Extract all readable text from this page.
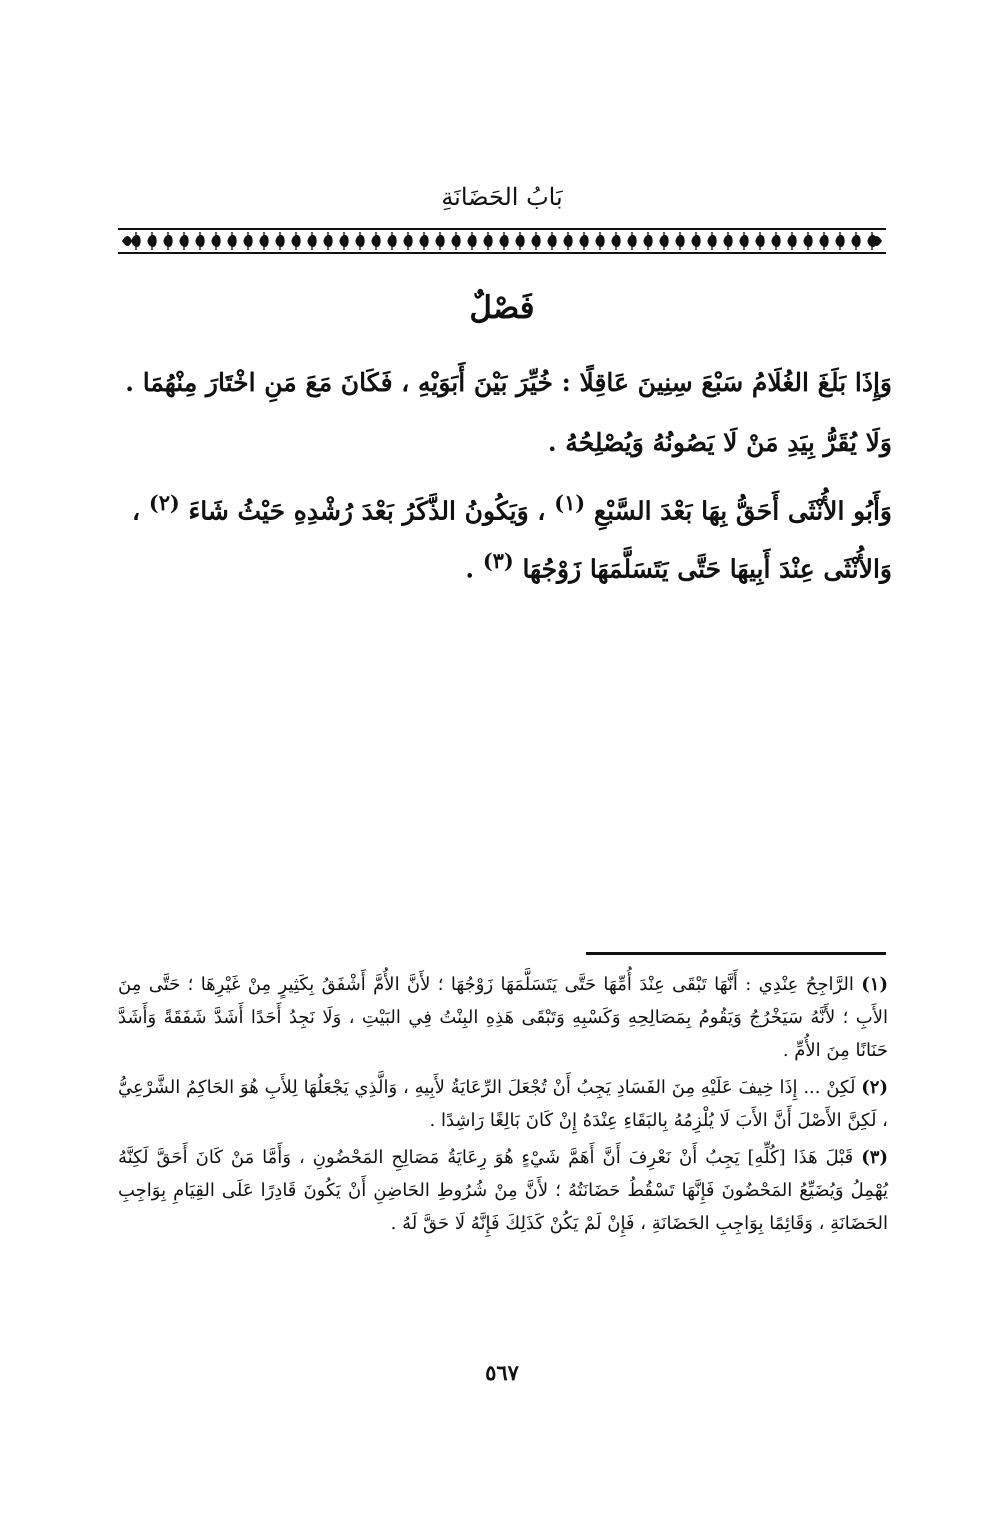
بَابُ الحَضَانَةِ
فَصْلٌ

وَإِذَا بَلَغَ الغُلَامُ سَبْعَ سِنِينَ عَاقِلًا : خُيِّرَ بَيْنَ أَبَوَيْهِ ، فَكَانَ مَعَ مَنِ اخْتَارَ مِنْهُمَا .

وَلَا يُقَرُّ بِيَدِ مَنْ لَا يَصُونُهُ وَيُصْلِحُهُ .

وَأَبُو الأُنْثَى أَحَقُّ بِهَا بَعْدَ السَّبْعِ $^{(١)}$ ، وَيَكُونُ الذَّكَرُ بَعْدَ رُشْدِهِ حَيْثُ شَاءَ $^{(٢)}$ ، وَالأُنْثَى عِنْدَ أَبِيهَا حَتَّى يَتَسَلَّمَهَا زَوْجُهَا $^{(٣)}$ .

(١) الرَّاجِحُ عِنْدِي : أَنَّهَا تَبْقَى عِنْدَ أُمِّهَا حَتَّى يَتَسَلَّمَهَا زَوْجُهَا ؛ لأَنَّ الأُمَّ أَشْفَقُ بِكَثِيرٍ مِنْ غَيْرِهَا ؛ حَتَّى مِنَ الأَبِ ؛ لأَنَّهُ سَيَخْرُجُ وَيَقُومُ بِمَصَالِحِهِ وَكَسْبِهِ وَتَبْقَى هَذِهِ البِنْتُ فِي البَيْتِ ، وَلَا نَجِدُ أَحَدًا أَشَدَّ شَفَقَةً وَأَشَدَّ حَنَانًا مِنَ الأُمِّ .

(٢) لَكِنْ ... إِذَا خِيفَ عَلَيْهِ مِنَ الفَسَادِ يَجِبُ أَنْ تُجْعَلَ الرِّعَايَةُ لأَبِيهِ ، وَالَّذِي يَجْعَلُهَا لِلأَبِ هُوَ الحَاكِمُ الشَّرْعِيُّ ، لَكِنَّ الأَصْلَ أَنَّ الأَبَ لَا يُلْزِمُهُ بِالبَقَاءِ عِنْدَهُ إِنْ كَانَ بَالِغًا رَاشِدًا .

(٣) قَبْلَ هَذَا [كُلِّهِ] يَجِبُ أَنْ نَعْرِفَ أَنَّ أَهَمَّ شَيْءٍ هُوَ رِعَايَةُ مَصَالِحِ المَحْضُونِ ، وَأَمَّا مَنْ كَانَ أَحَقَّ لَكِنَّهُ يُهْمِلُ وَيُضَيِّعُ المَحْضُونَ فَإِنَّهَا تَسْقُطُ حَضَانَتُهُ ؛ لأَنَّ مِنْ شُرُوطِ الحَاضِنِ أَنْ يَكُونَ قَادِرًا عَلَى القِيَامِ بِوَاجِبِ الحَضَانَةِ ، وَقَائِمًا بِوَاجِبِ الحَضَانَةِ ، فَإِنْ لَمْ يَكُنْ كَذَلِكَ فَإِنَّهُ لَا حَقَّ لَهُ .

٥٦٧
